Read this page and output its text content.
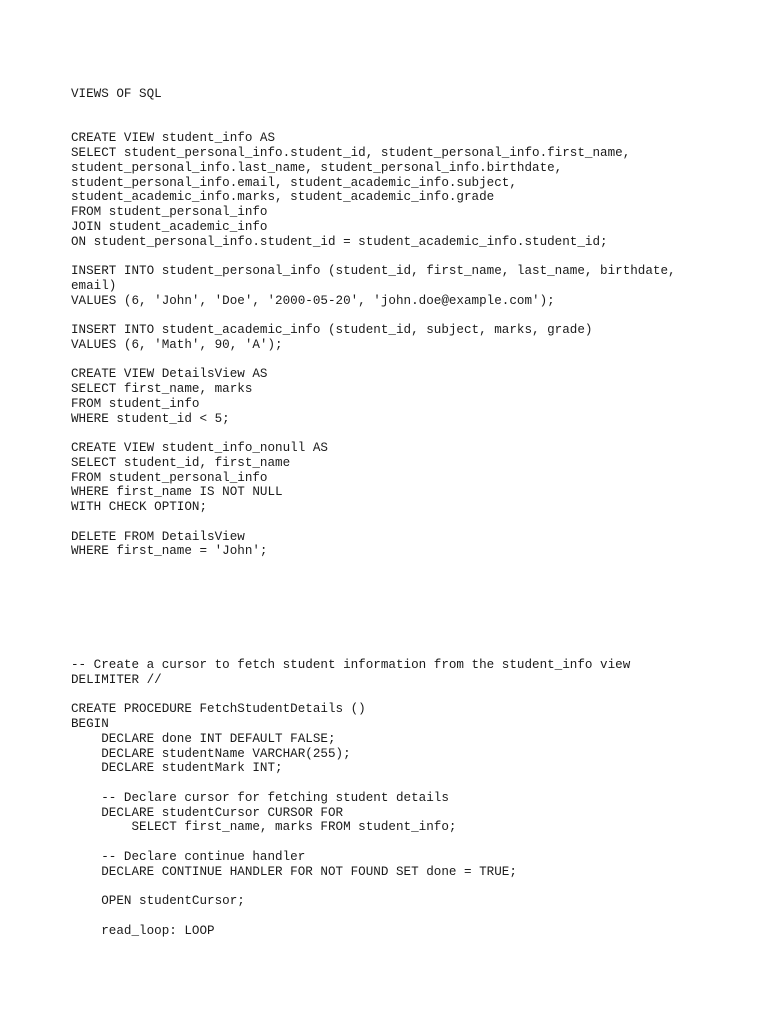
VIEWS OF SQL

CREATE VIEW student_info AS
SELECT student_personal_info.student_id, student_personal_info.first_name,
student_personal_info.last_name, student_personal_info.birthdate,
student_personal_info.email, student_academic_info.subject,
student_academic_info.marks, student_academic_info.grade
FROM student_personal_info
JOIN student_academic_info
ON student_personal_info.student_id = student_academic_info.student_id;

INSERT INTO student_personal_info (student_id, first_name, last_name, birthdate,
email)
VALUES (6, 'John', 'Doe', '2000-05-20', 'john.doe@example.com');

INSERT INTO student_academic_info (student_id, subject, marks, grade)
VALUES (6, 'Math', 90, 'A');

CREATE VIEW DetailsView AS
SELECT first_name, marks
FROM student_info
WHERE student_id < 5;

CREATE VIEW student_info_nonull AS
SELECT student_id, first_name
FROM student_personal_info
WHERE first_name IS NOT NULL
WITH CHECK OPTION;

DELETE FROM DetailsView
WHERE first_name = 'John';
-- Create a cursor to fetch student information from the student_info view
DELIMITER //

CREATE PROCEDURE FetchStudentDetails ()
BEGIN
DECLARE done INT DEFAULT FALSE;
DECLARE studentName VARCHAR(255);
DECLARE studentMark INT;

-- Declare cursor for fetching student details
DECLARE studentCursor CURSOR FOR
SELECT first_name, marks FROM student_info;

-- Declare continue handler
DECLARE CONTINUE HANDLER FOR NOT FOUND SET done = TRUE;

OPEN studentCursor;

read_loop: LOOP
